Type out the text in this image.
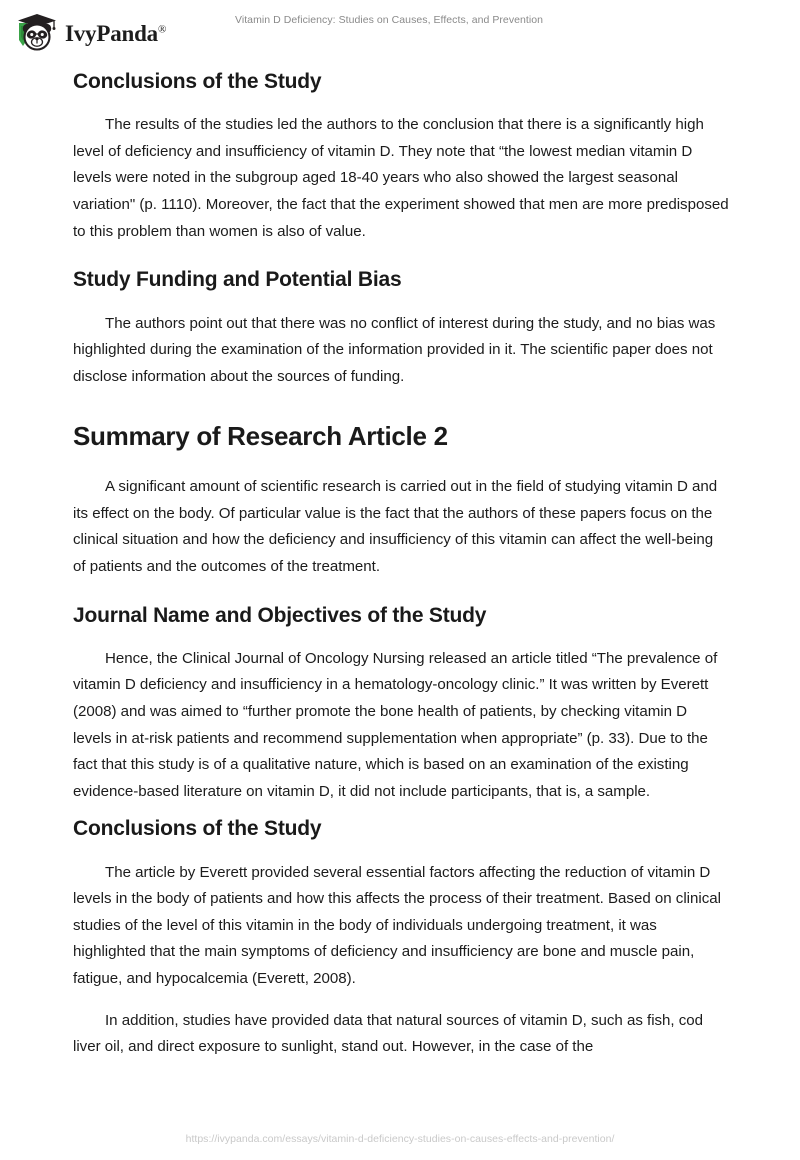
IvyPanda®
Vitamin D Deficiency: Studies on Causes, Effects, and Prevention
Conclusions of the Study

The results of the studies led the authors to the conclusion that there is a significantly high level of deficiency and insufficiency of vitamin D. They note that “the lowest median vitamin D levels were noted in the subgroup aged 18-40 years who also showed the largest seasonal variation" (p. 1110). Moreover, the fact that the experiment showed that men are more predisposed to this problem than women is also of value.

Study Funding and Potential Bias

The authors point out that there was no conflict of interest during the study, and no bias was highlighted during the examination of the information provided in it. The scientific paper does not disclose information about the sources of funding.

Summary of Research Article 2

A significant amount of scientific research is carried out in the field of studying vitamin D and its effect on the body. Of particular value is the fact that the authors of these papers focus on the clinical situation and how the deficiency and insufficiency of this vitamin can affect the well-being of patients and the outcomes of the treatment.

Journal Name and Objectives of the Study

Hence, the Clinical Journal of Oncology Nursing released an article titled “The prevalence of vitamin D deficiency and insufficiency in a hematology-oncology clinic.” It was written by Everett (2008) and was aimed to “further promote the bone health of patients, by checking vitamin D levels in at-risk patients and recommend supplementation when appropriate” (p. 33). Due to the fact that this study is of a qualitative nature, which is based on an examination of the existing evidence-based literature on vitamin D, it did not include participants, that is, a sample.

Conclusions of the Study

The article by Everett provided several essential factors affecting the reduction of vitamin D levels in the body of patients and how this affects the process of their treatment. Based on clinical studies of the level of this vitamin in the body of individuals undergoing treatment, it was highlighted that the main symptoms of deficiency and insufficiency are bone and muscle pain, fatigue, and hypocalcemia (Everett, 2008).

In addition, studies have provided data that natural sources of vitamin D, such as fish, cod liver oil, and direct exposure to sunlight, stand out. However, in the case of the

https://ivypanda.com/essays/vitamin-d-deficiency-studies-on-causes-effects-and-prevention/
